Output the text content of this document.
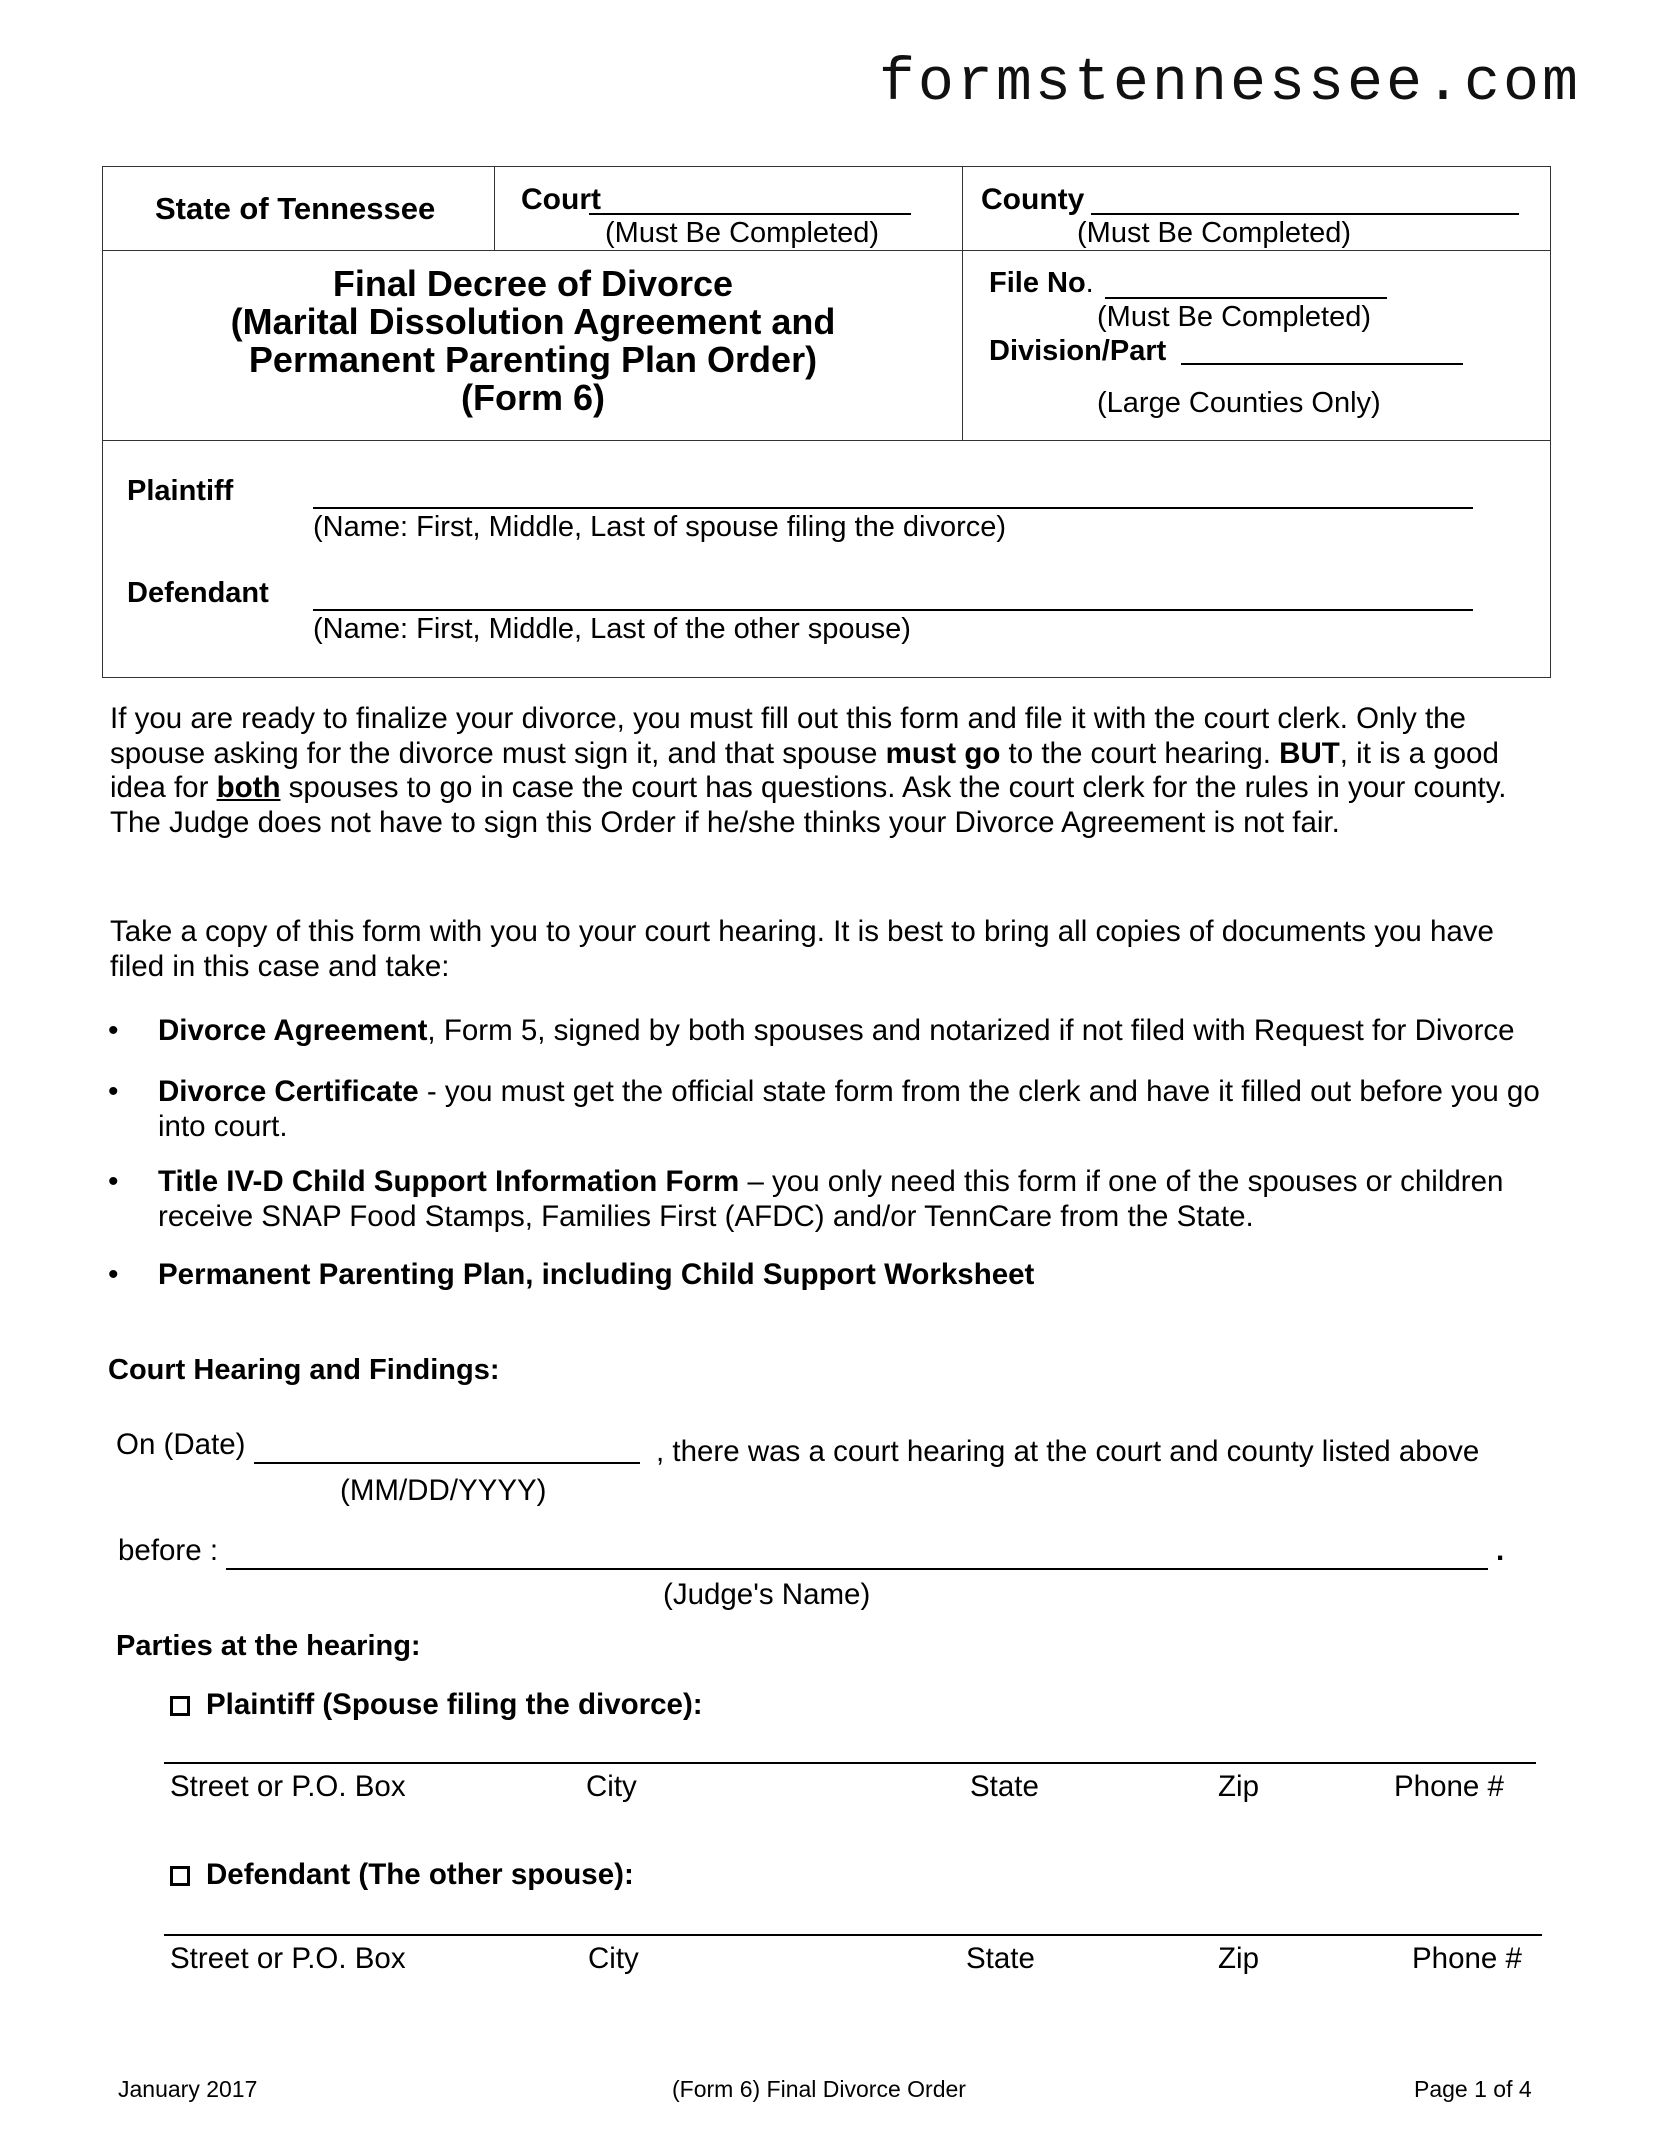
formstennessee.com
State of Tennessee	Court
(Must Be Completed)
County
(Must Be Completed)
Final Decree of Divorce
(Marital Dissolution Agreement and
Permanent Parenting Plan Order)
(Form 6)
File No.
(Must Be Completed)
Division/Part
(Large Counties Only)
Plaintiff
(Name: First, Middle, Last of spouse filing the divorce)
Defendant
(Name: First, Middle, Last of the other spouse)
If you are ready to finalize your divorce, you must fill out this form and file it with the court clerk. Only the spouse asking for the divorce must sign it, and that spouse must go to the court hearing. BUT, it is a good idea for both spouses to go in case the court has questions. Ask the court clerk for the rules in your county. The Judge does not have to sign this Order if he/she thinks your Divorce Agreement is not fair.
Take a copy of this form with you to your court hearing. It is best to bring all copies of documents you have filed in this case and take:
• Divorce Agreement, Form 5, signed by both spouses and notarized if not filed with Request for Divorce
• Divorce Certificate - you must get the official state form from the clerk and have it filled out before you go into court.
• Title IV-D Child Support Information Form – you only need this form if one of the spouses or children receive SNAP Food Stamps, Families First (AFDC) and/or TennCare from the State.
• Permanent Parenting Plan, including Child Support Worksheet
Court Hearing and Findings:
On (Date)	, there was a court hearing at the court and county listed above
(MM/DD/YYYY)
before :	.
(Judge's Name)
Parties at the hearing:
Plaintiff (Spouse filing the divorce):
Street or P.O. Box	City	State	Zip	Phone #
Defendant (The other spouse):
Street or P.O. Box	City	State	Zip	Phone #
January 2017	(Form 6) Final Divorce Order	Page 1 of 4
